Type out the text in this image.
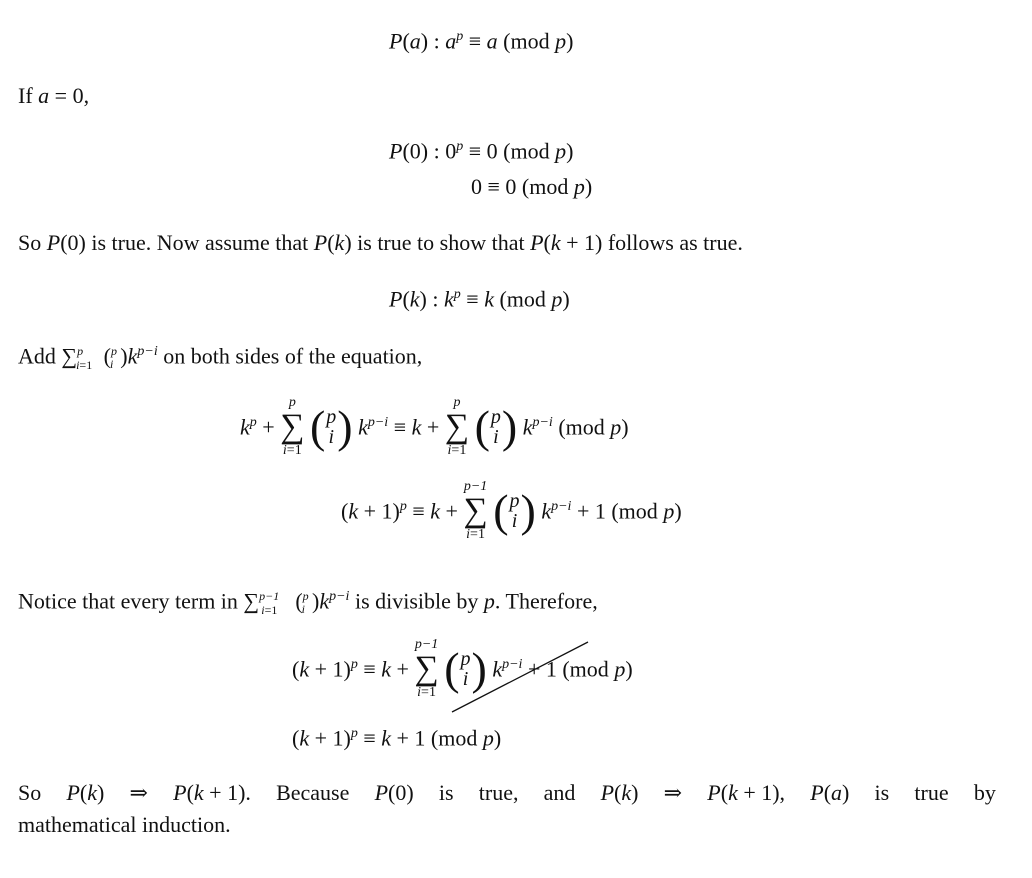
P(a) : $a^p \equiv a$ (mod p)
If a = 0,
P(0) : $0^p \equiv 0$ (mod p)
0 ≡ 0 (mod p)
So P(0) is true. Now assume that P(k) is true to show that P(k + 1) follows as true.
P(k) : $k^p \equiv k$ (mod p)
Add ∑$^p_{i=1}$ ($^p_i$ )$k^{p-i}$ on both sides of the equation,
$k^p$ +
p
∑
i=1 ( p
i ) $k^{p-i} \equiv k$ +
p
∑
i=1 ( p
i ) $k^{p-i}$ (mod p)
$(k + 1)^p \equiv k$ +
p−1
∑
i=1 ( p
i ) $k^{p-i} + 1$ (mod p)
Notice that every term in ∑$^{p-1}_{i=1}$ ($^p_i$ )$k^{p-i}$ is divisible by p. Therefore,
$(k + 1)^p \equiv k$ +
p−1
∑
i=1 ( p
i ) $k^{p-i} + 1$ (mod p)
$(k + 1)^p \equiv k + 1$ (mod p)
So P(k) ⇒ P(k + 1). Because P(0) is true, and P(k) ⇒ P(k + 1), P(a) is true by
mathematical induction.
